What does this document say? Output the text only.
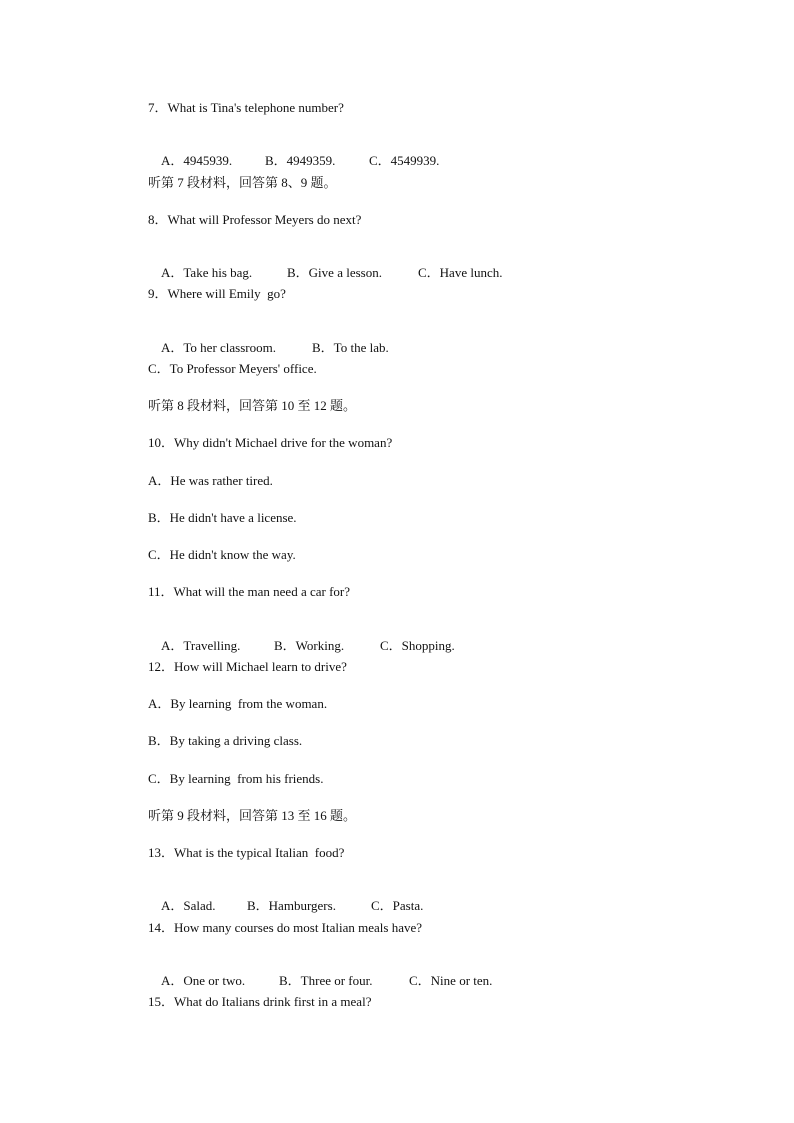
7．What is Tina's telephone number?

A．4945939.	B．4949359.	C．4549939.

听第 7 段材料，回答第 8、9 题。
8．What will Professor Meyers do next?

A．Take his bag.	B．Give a lesson.	C．Have lunch.

9．Where will Emily  go?

A．To her classroom.	B．To the lab.

C．To Professor Meyers' office.
听第 8 段材料，回答第 10 至 12 题。
10．Why didn't Michael drive for the woman?
A．He was rather tired.
B．He didn't have a license.
C．He didn't know the way.
11．What will the man need a car for?

A．Travelling.	B．Working.	C．Shopping.

12．How will Michael learn to drive?
A．By learning  from the woman.
B．By taking a driving class.
C．By learning  from his friends.
听第 9 段材料，回答第 13 至 16 题。
13．What is the typical Italian  food?

A．Salad. B．Hamburgers.	C．Pasta.

14．How many courses do most Italian meals have?

A．One or two.	B．Three or four.	C．Nine or ten.

15．What do Italians drink first in a meal?
